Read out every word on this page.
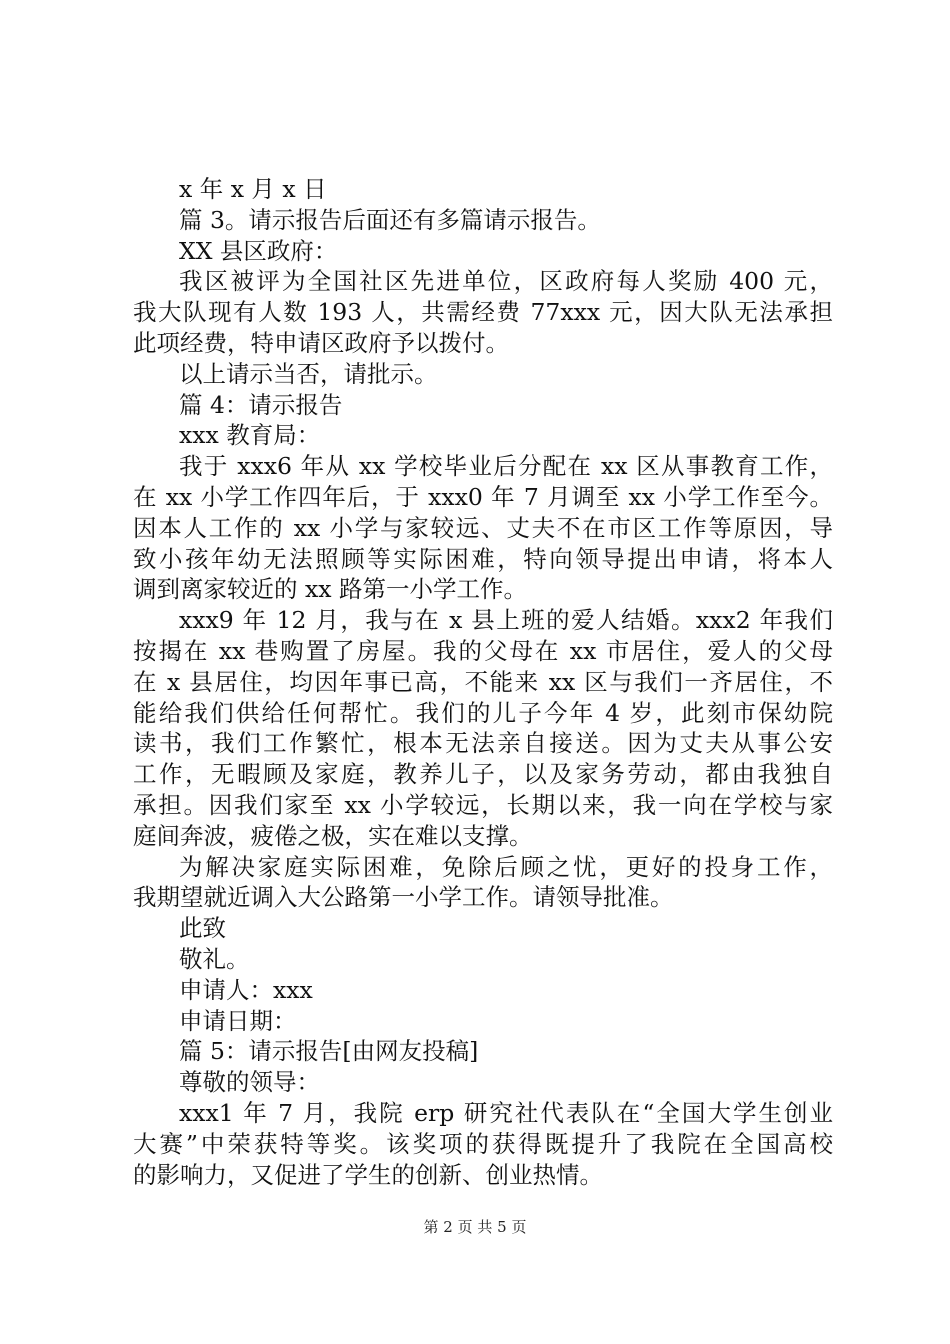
x 年 x 月 x 日
篇 3。请示报告后面还有多篇请示报告。
XX 县区政府：
我区被评为全国社区先进单位，区政府每人奖励 400 元，
我大队现有人数 193 人，共需经费 77xxx 元，因大队无法承担
此项经费，特申请区政府予以拨付。
以上请示当否，请批示。
篇 4：请示报告
xxx 教育局：
我于 xxx6 年从 xx 学校毕业后分配在 xx 区从事教育工作，
在 xx 小学工作四年后，于 xxx0 年 7 月调至 xx 小学工作至今。
因本人工作的 xx 小学与家较远、丈夫不在市区工作等原因，导
致小孩年幼无法照顾等实际困难，特向领导提出申请，将本人
调到离家较近的 xx 路第一小学工作。
xxx9 年 12 月，我与在 x 县上班的爱人结婚。xxx2 年我们
按揭在 xx 巷购置了房屋。我的父母在 xx 市居住，爱人的父母
在 x 县居住，均因年事已高，不能来 xx 区与我们一齐居住，不
能给我们供给任何帮忙。我们的儿子今年 4 岁，此刻市保幼院
读书，我们工作繁忙，根本无法亲自接送。因为丈夫从事公安
工作，无暇顾及家庭，教养儿子，以及家务劳动，都由我独自
承担。因我们家至 xx 小学较远，长期以来，我一向在学校与家
庭间奔波，疲倦之极，实在难以支撑。
为解决家庭实际困难，免除后顾之忧，更好的投身工作，
我期望就近调入大公路第一小学工作。请领导批准。
此致
敬礼。
申请人：xxx
申请日期：
篇 5：请示报告[由网友投稿]
尊敬的领导：
xxx1 年 7 月，我院 erp 研究社代表队在“全国大学生创业
大赛”中荣获特等奖。该奖项的获得既提升了我院在全国高校
的影响力，又促进了学生的创新、创业热情。
第 2 页 共 5 页
